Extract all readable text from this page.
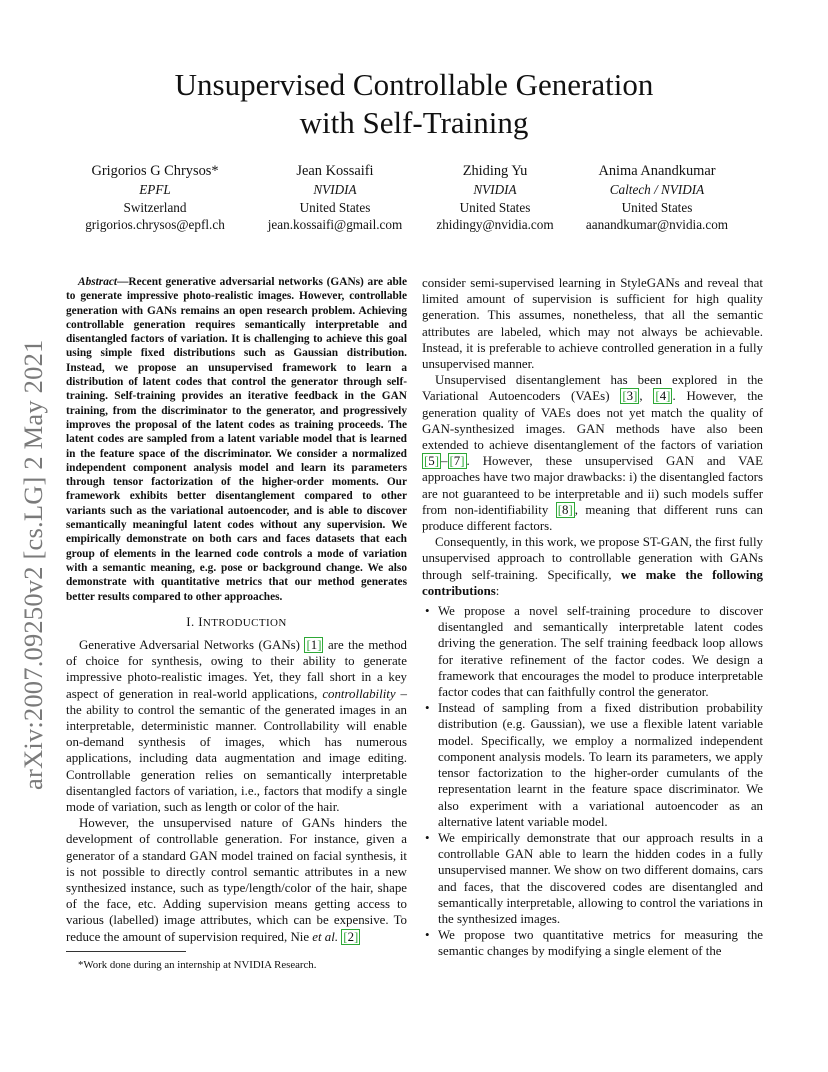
Unsupervised Controllable Generation
with Self-Training
Grigorios G Chrysos*
EPFL
Switzerland
grigorios.chrysos@epfl.ch
Jean Kossaifi
NVIDIA
United States
jean.kossaifi@gmail.com
Zhiding Yu
NVIDIA
United States
zhidingy@nvidia.com
Anima Anandkumar
Caltech / NVIDIA
United States
aanandkumar@nvidia.com
arXiv:2007.09250v2 [cs.LG] 2 May 2021

Abstract—Recent generative adversarial networks (GANs) are able to generate impressive photo-realistic images. However, controllable generation with GANs remains an open research problem. Achieving controllable generation requires semantically interpretable and disentangled factors of variation. It is challenging to achieve this goal using simple fixed distributions such as Gaussian distribution. Instead, we propose an unsupervised framework to learn a distribution of latent codes that control the generator through self-training. Self-training provides an iterative feedback in the GAN training, from the discriminator to the generator, and progressively improves the proposal of the latent codes as training proceeds. The latent codes are sampled from a latent variable model that is learned in the feature space of the discriminator. We consider a normalized independent component analysis model and learn its parameters through tensor factorization of the higher-order moments. Our framework exhibits better disentanglement compared to other variants such as the variational autoencoder, and is able to discover semantically meaningful latent codes without any supervision. We empirically demonstrate on both cars and faces datasets that each group of elements in the learned code controls a mode of variation with a semantic meaning, e.g. pose or background change. We also demonstrate with quantitative metrics that our method generates better results compared to other approaches.

I. INTRODUCTION

Generative Adversarial Networks (GANs) [1] are the method of choice for synthesis, owing to their ability to generate impressive photo-realistic images. Yet, they fall short in a key aspect of generation in real-world applications, controllability – the ability to control the semantic of the generated images in an interpretable, deterministic manner. Controllability will enable on-demand synthesis of images, which has numerous applications, including data augmentation and image editing. Controllable generation relies on semantically interpretable disentangled factors of variation, i.e., factors that modify a single mode of variation, such as length or color of the hair.

However, the unsupervised nature of GANs hinders the development of controllable generation. For instance, given a generator of a standard GAN model trained on facial synthesis, it is not possible to directly control semantic attributes in a new synthesized instance, such as type/length/color of the hair, shape of the face, etc. Adding supervision means getting access to various (labelled) image attributes, which can be expensive. To reduce the amount of supervision required, Nie et al. [2]

*Work done during an internship at NVIDIA Research.

consider semi-supervised learning in StyleGANs and reveal that limited amount of supervision is sufficient for high quality generation. This assumes, nonetheless, that all the semantic attributes are labeled, which may not always be achievable. Instead, it is preferable to achieve controlled generation in a fully unsupervised manner.

Unsupervised disentanglement has been explored in the Variational Autoencoders (VAEs) [3] , [4] . However, the generation quality of VAEs does not yet match the quality of GAN-synthesized images. GAN methods have also been extended to achieve disentanglement of the factors of variation [5] – [7] . However, these unsupervised GAN and VAE approaches have two major drawbacks: i) the disentangled factors are not guaranteed to be interpretable and ii) such models suffer from non-identifiability [8] , meaning that different runs can produce different factors.

Consequently, in this work, we propose ST-GAN, the first fully unsupervised approach to controllable generation with GANs through self-training. Specifically, we make the following contributions:

• We propose a novel self-training procedure to discover disentangled and semantically interpretable latent codes driving the generation. The self training feedback loop allows for iterative refinement of the factor codes. We design a framework that encourages the model to produce interpretable factor codes that can faithfully control the generator.
• Instead of sampling from a fixed distribution probability distribution (e.g. Gaussian), we use a flexible latent variable model. Specifically, we employ a normalized independent component analysis models. To learn its parameters, we apply tensor factorization to the higher-order cumulants of the representation learnt in the feature space discriminator. We also experiment with a variational autoencoder as an alternative latent variable model.
• We empirically demonstrate that our approach results in a controllable GAN able to learn the hidden codes in a fully unsupervised manner. We show on two different domains, cars and faces, that the discovered codes are disentangled and semantically interpretable, allowing to control the variations in the synthesized images.
• We propose two quantitative metrics for measuring the semantic changes by modifying a single element of the
